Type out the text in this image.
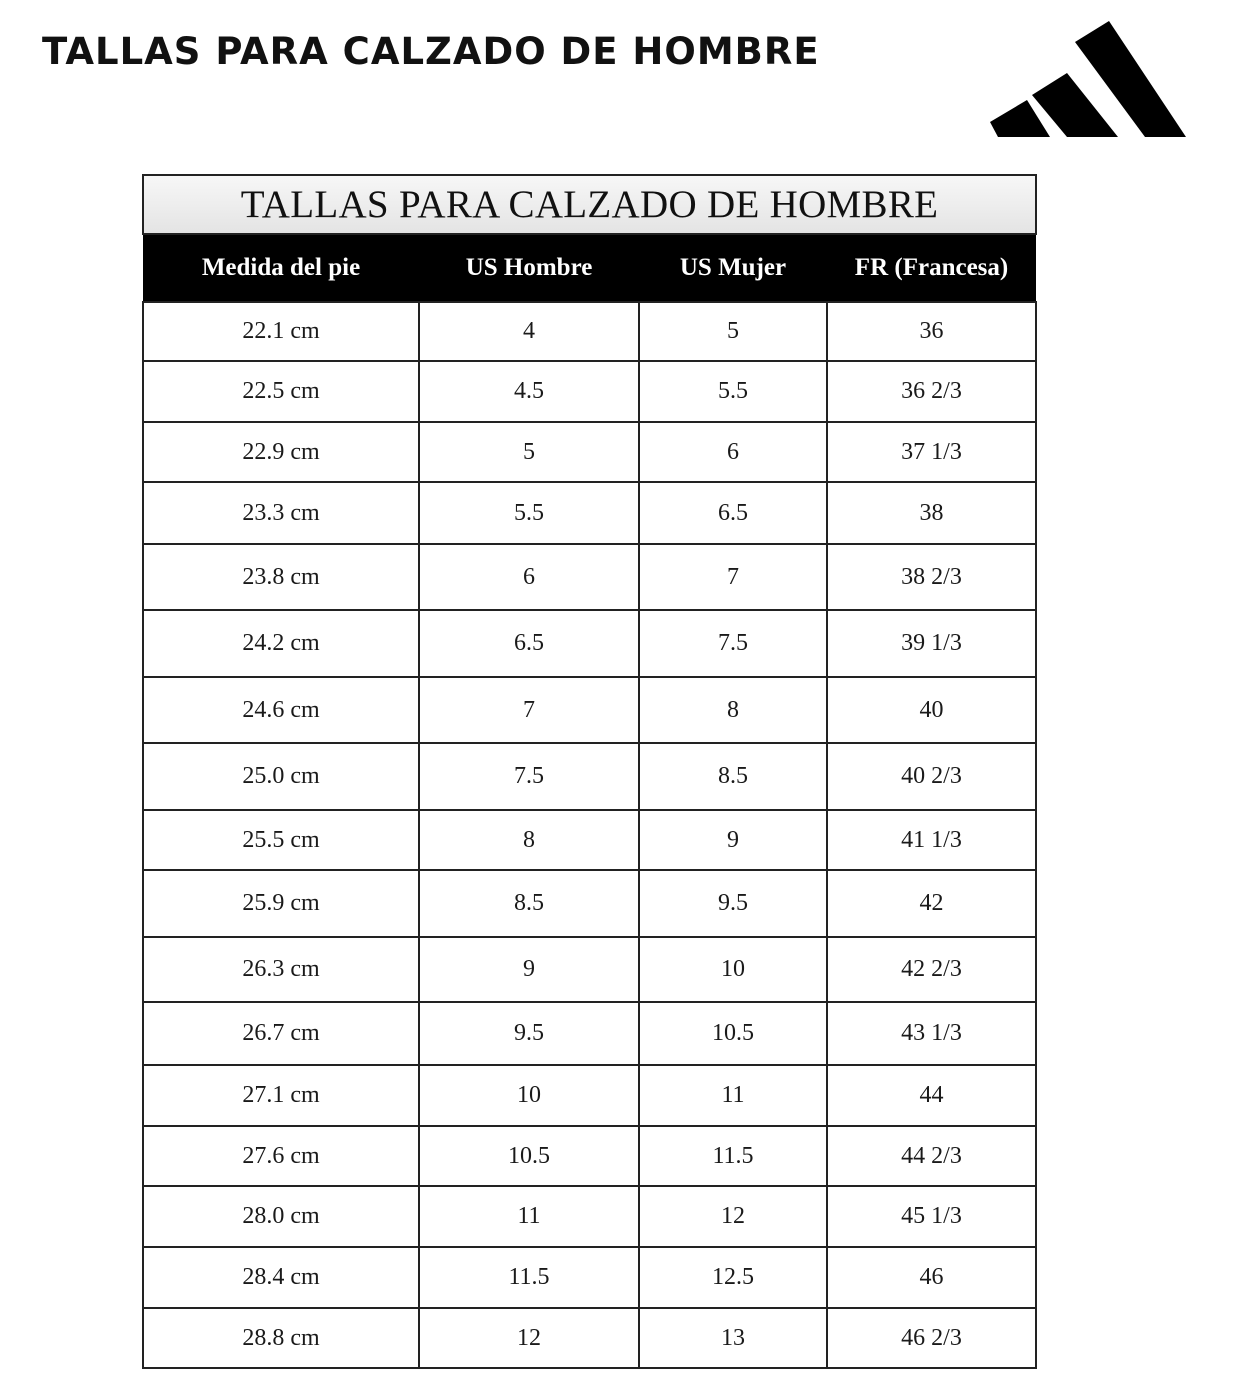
TALLAS PARA CALZADO DE HOMBRE
TALLAS PARA CALZADO DE HOMBRE			
Medida del pie	US Hombre	US Mujer	FR (Francesa)
22.1 cm	4	5	36
22.5 cm	4.5	5.5	36 2/3
22.9 cm	5	6	37 1/3
23.3 cm	5.5	6.5	38
23.8 cm	6	7	38 2/3
24.2 cm	6.5	7.5	39 1/3
24.6 cm	7	8	40
25.0 cm	7.5	8.5	40 2/3
25.5 cm	8	9	41 1/3
25.9 cm	8.5	9.5	42
26.3 cm	9	10	42 2/3
26.7 cm	9.5	10.5	43 1/3
27.1 cm	10	11	44
27.6 cm	10.5	11.5	44 2/3
28.0 cm	11	12	45 1/3
28.4 cm	11.5	12.5	46
28.8 cm	12	13	46 2/3
